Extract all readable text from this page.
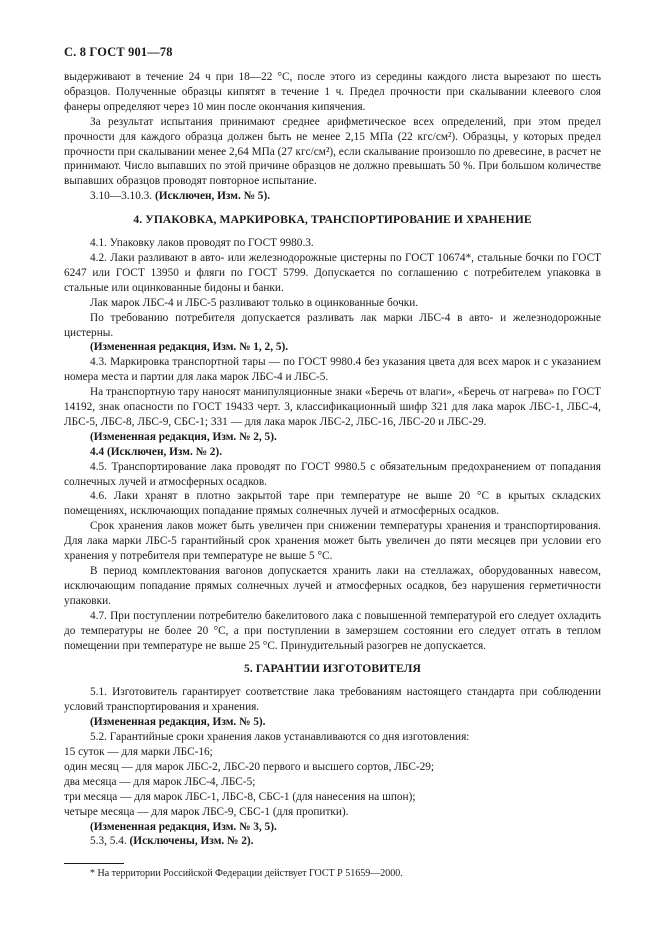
С. 8 ГОСТ 901—78

выдерживают в течение 24 ч при 18—22 °С, после этого из середины каждого листа вырезают по шесть образцов. Полученные образцы кипятят в течение 1 ч. Предел прочности при скалывании клеевого слоя фанеры определяют через 10 мин после окончания кипячения.

За результат испытания принимают среднее арифметическое всех определений, при этом предел прочности для каждого образца должен быть не менее 2,15 МПа (22 кгс/см²). Образцы, у которых предел прочности при скалывании менее 2,64 МПа (27 кгс/см²), если скалывание произошло по древесине, в расчет не принимают. Число выпавших по этой причине образцов не должно превышать 50 %. При большом количестве выпавших образцов проводят повторное испытание.

3.10—3.10.3. (Исключен, Изм. № 5).

4. УПАКОВКА, МАРКИРОВКА, ТРАНСПОРТИРОВАНИЕ И ХРАНЕНИЕ

4.1. Упаковку лаков проводят по ГОСТ 9980.3.

4.2. Лаки разливают в авто- или железнодорожные цистерны по ГОСТ 10674*, стальные бочки по ГОСТ 6247 или ГОСТ 13950 и фляги по ГОСТ 5799. Допускается по соглашению с потребителем упаковка в стальные или оцинкованные бидоны и банки.

Лак марок ЛБС-4 и ЛБС-5 разливают только в оцинкованные бочки.

По требованию потребителя допускается разливать лак марки ЛБС-4 в авто- и железнодорожные цистерны.

(Измененная редакция, Изм. № 1, 2, 5).

4.3. Маркировка транспортной тары — по ГОСТ 9980.4 без указания цвета для всех марок и с указанием номера места и партии для лака марок ЛБС-4 и ЛБС-5.

На транспортную тару наносят манипуляционные знаки «Беречь от влаги», «Беречь от нагрева» по ГОСТ 14192, знак опасности по ГОСТ 19433 черт. 3, классификационный шифр 321 для лака марок ЛБС-1, ЛБС-4, ЛБС-5, ЛБС-8, ЛБС-9, СБС-1; 331 — для лака марок ЛБС-2, ЛБС-16, ЛБС-20 и ЛБС-29.

(Измененная редакция, Изм. № 2, 5).

4.4 (Исключен, Изм. № 2).

4.5. Транспортирование лака проводят по ГОСТ 9980.5 с обязательным предохранением от попадания солнечных лучей и атмосферных осадков.

4.6. Лаки хранят в плотно закрытой таре при температуре не выше 20 °С в крытых складских помещениях, исключающих попадание прямых солнечных лучей и атмосферных осадков.

Срок хранения лаков может быть увеличен при снижении температуры хранения и транспортирования. Для лака марки ЛБС-5 гарантийный срок хранения может быть увеличен до пяти месяцев при условии его хранения у потребителя при температуре не выше 5 °С.

В период комплектования вагонов допускается хранить лаки на стеллажах, оборудованных навесом, исключающим попадание прямых солнечных лучей и атмосферных осадков, без нарушения герметичности упаковки.

4.7. При поступлении потребителю бакелитового лака с повышенной температурой его следует охладить до температуры не более 20 °С, а при поступлении в замерзшем состоянии его следует отгать в теплом помещении при температуре не выше 25 °С. Принудительный разогрев не допускается.

5. ГАРАНТИИ ИЗГОТОВИТЕЛЯ

5.1. Изготовитель гарантирует соответствие лака требованиям настоящего стандарта при соблюдении условий транспортирования и хранения.

(Измененная редакция, Изм. № 5).

5.2. Гарантийные сроки хранения лаков устанавливаются со дня изготовления:

15 суток — для марки ЛБС-16;

один месяц — для марок ЛБС-2, ЛБС-20 первого и высшего сортов, ЛБС-29;

два месяца — для марок ЛБС-4, ЛБС-5;

три месяца — для марок ЛБС-1, ЛБС-8, СБС-1 (для нанесения на шпон);

четыре месяца — для марок ЛБС-9, СБС-1 (для пропитки).

(Измененная редакция, Изм. № 3, 5).

5.3, 5.4. (Исключены, Изм. № 2).

* На территории Российской Федерации действует ГОСТ Р 51659—2000.
